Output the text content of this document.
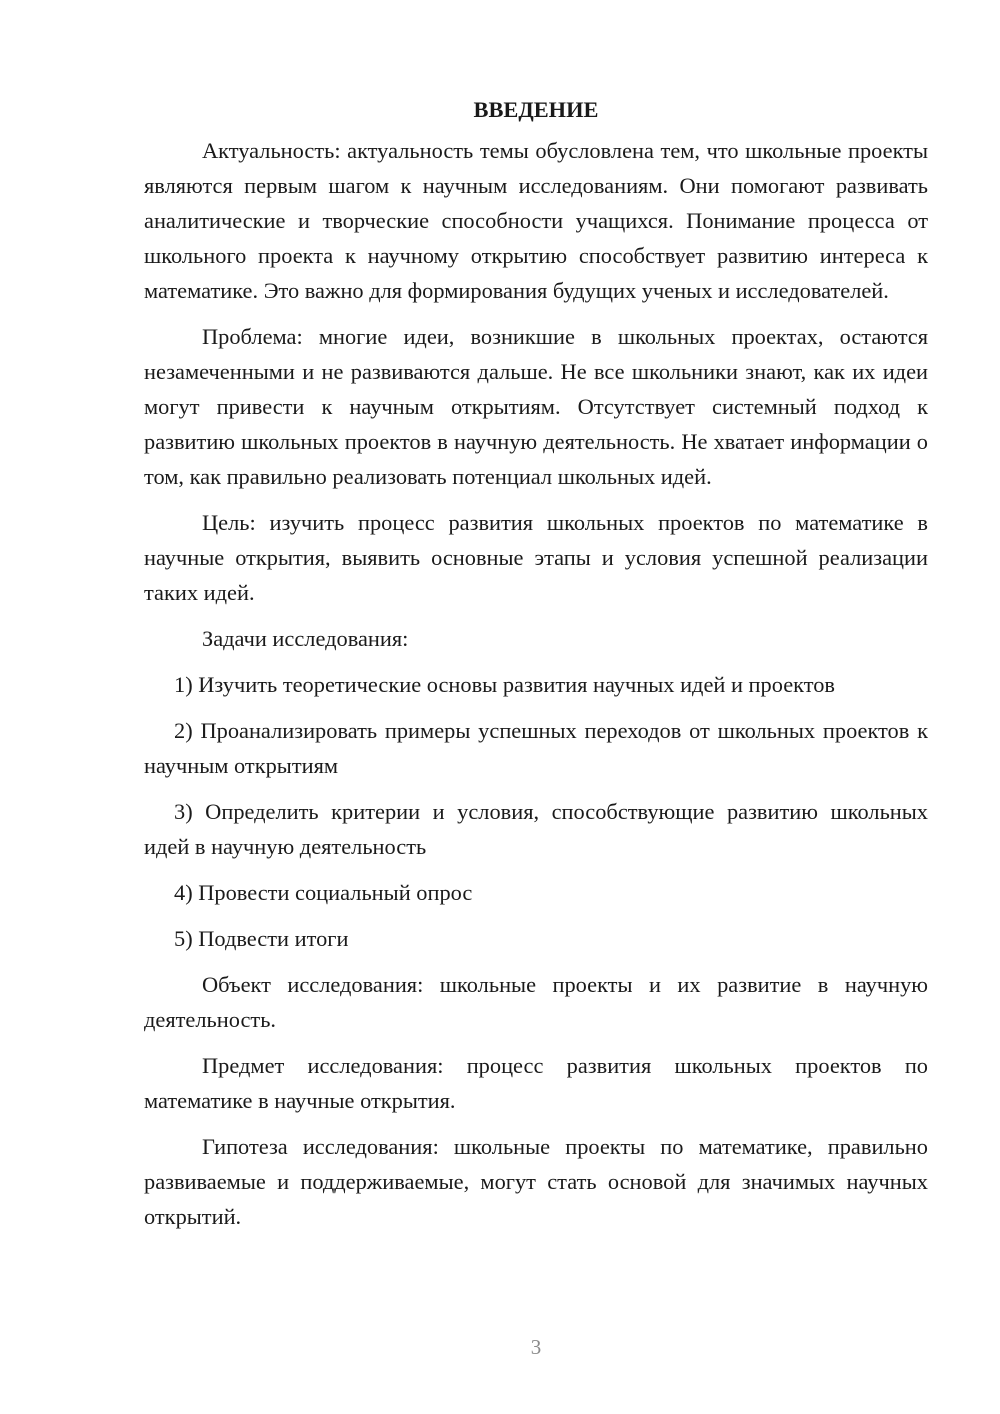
ВВЕДЕНИЕ

Актуальность: актуальность темы обусловлена тем, что школьные проекты являются первым шагом к научным исследованиям. Они помогают развивать аналитические и творческие способности учащихся. Понимание процесса от школьного проекта к научному открытию способствует развитию интереса к математике. Это важно для формирования будущих ученых и исследователей.

Проблема: многие идеи, возникшие в школьных проектах, остаются незамеченными и не развиваются дальше. Не все школьники знают, как их идеи могут привести к научным открытиям. Отсутствует системный подход к развитию школьных проектов в научную деятельность. Не хватает информации о том, как правильно реализовать потенциал школьных идей.

Цель: изучить процесс развития школьных проектов по математике в научные открытия, выявить основные этапы и условия успешной реализации таких идей.

Задачи исследования:

1) Изучить теоретические основы развития научных идей и проектов

2) Проанализировать примеры успешных переходов от школьных проектов к научным открытиям

3) Определить критерии и условия, способствующие развитию школьных идей в научную деятельность

4) Провести социальный опрос

5) Подвести итоги

Объект исследования: школьные проекты и их развитие в научную деятельность.

Предмет исследования: процесс развития школьных проектов по математике в научные открытия.

Гипотеза исследования: школьные проекты по математике, правильно развиваемые и поддерживаемые, могут стать основой для значимых научных открытий.

3
